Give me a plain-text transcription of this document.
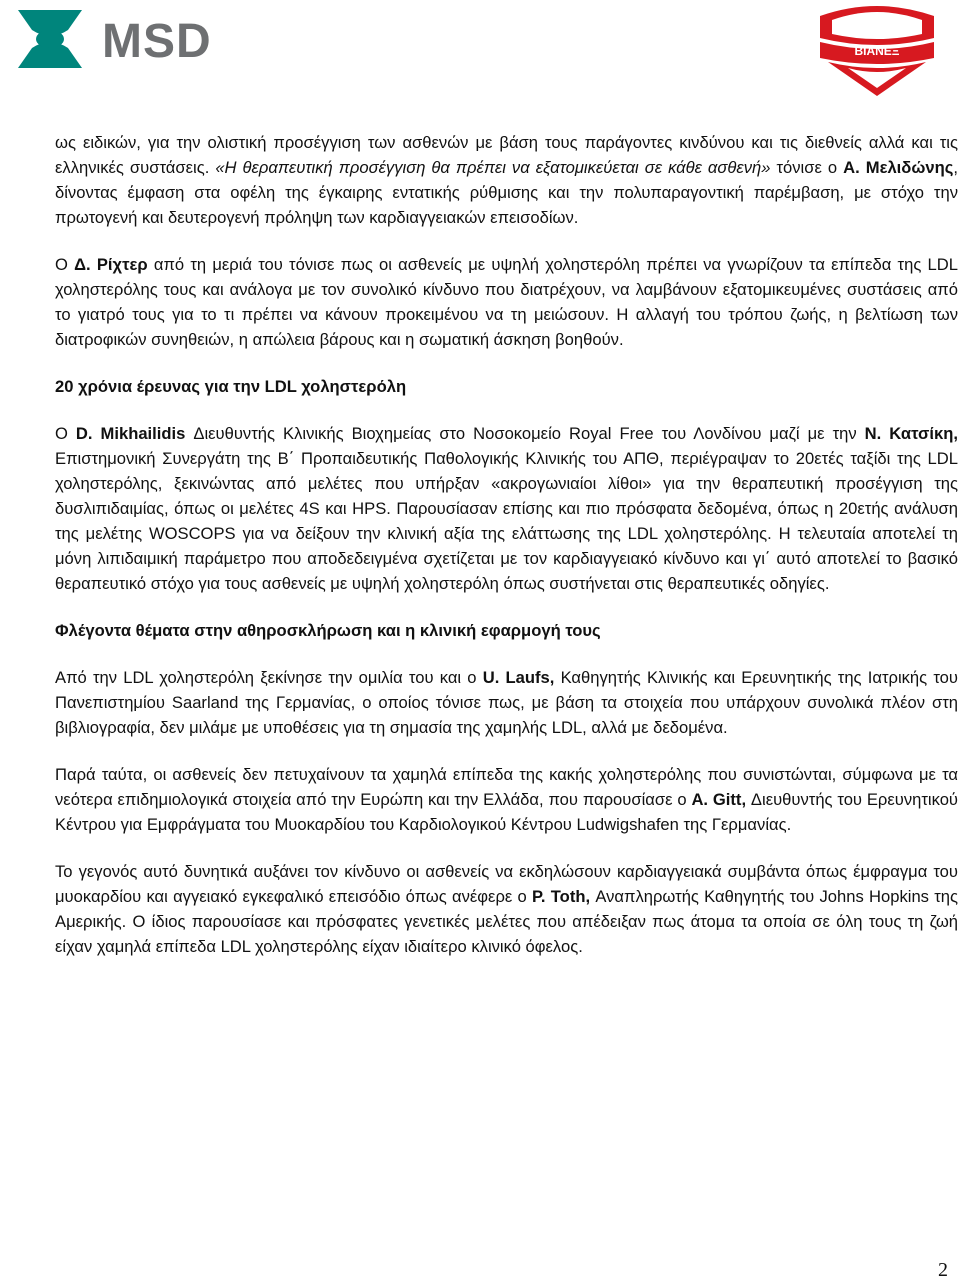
MSD	ΒΙΑΝΕΞ

ως ειδικών, για την ολιστική προσέγγιση των ασθενών με βάση τους παράγοντες κινδύνου και τις διεθνείς αλλά και τις ελληνικές συστάσεις. «Η θεραπευτική προσέγγιση θα πρέπει να εξατομικεύεται σε κάθε ασθενή» τόνισε ο Α. Μελιδώνης, δίνοντας έμφαση στα οφέλη της έγκαιρης εντατικής ρύθμισης και την πολυπαραγοντική παρέμβαση, με στόχο την πρωτογενή και δευτερογενή πρόληψη των καρδιαγγειακών επεισοδίων.

Ο Δ. Ρίχτερ από τη μεριά του τόνισε πως οι ασθενείς με υψηλή χοληστερόλη πρέπει να γνωρίζουν τα επίπεδα της LDL χοληστερόλης τους και ανάλογα με τον συνολικό κίνδυνο που διατρέχουν, να λαμβάνουν εξατομικευμένες συστάσεις από το γιατρό τους για το τι πρέπει να κάνουν προκειμένου να τη μειώσουν. Η αλλαγή του τρόπου ζωής, η βελτίωση των διατροφικών συνηθειών, η απώλεια βάρους και η σωματική άσκηση βοηθούν.

20 χρόνια έρευνας για την LDL χοληστερόλη

Ο D. Mikhailidis Διευθυντής Κλινικής Βιοχημείας στο Νοσοκομείο Royal Free του Λονδίνου μαζί με την Ν. Κατσίκη, Επιστημονική Συνεργάτη της Β΄ Προπαιδευτικής Παθολογικής Κλινικής του ΑΠΘ, περιέγραψαν το 20ετές ταξίδι της LDL χοληστερόλης, ξεκινώντας από μελέτες που υπήρξαν «ακρογωνιαίοι λίθοι» για την θεραπευτική προσέγγιση της δυσλιπιδαιμίας, όπως οι μελέτες 4S και HPS. Παρουσίασαν επίσης και πιο πρόσφατα δεδομένα, όπως η 20ετής ανάλυση της μελέτης WOSCOPS για να δείξουν την κλινική αξία της ελάττωσης της LDL χοληστερόλης. Η τελευταία αποτελεί τη μόνη λιπιδαιμική παράμετρο που αποδεδειγμένα σχετίζεται με τον καρδιαγγειακό κίνδυνο και γι΄ αυτό αποτελεί το βασικό θεραπευτικό στόχο για τους ασθενείς με υψηλή χοληστερόλη όπως συστήνεται στις θεραπευτικές οδηγίες.

Φλέγοντα θέματα στην αθηροσκλήρωση και η κλινική εφαρμογή τους

Από την LDL χοληστερόλη ξεκίνησε την ομιλία του και ο U. Laufs, Καθηγητής Κλινικής και Ερευνητικής της Ιατρικής του Πανεπιστημίου Saarland της Γερμανίας, ο οποίος τόνισε πως, με βάση τα στοιχεία που υπάρχουν συνολικά πλέον στη βιβλιογραφία, δεν μιλάμε με υποθέσεις για τη σημασία της χαμηλής LDL, αλλά με δεδομένα.

Παρά ταύτα, οι ασθενείς δεν πετυχαίνουν τα χαμηλά επίπεδα της κακής χοληστερόλης που συνιστώνται, σύμφωνα με τα νεότερα επιδημιολογικά στοιχεία από την Ευρώπη και την Ελλάδα, που παρουσίασε ο A. Gitt, Διευθυντής του Ερευνητικού Κέντρου για Εμφράγματα του Μυοκαρδίου του Καρδιολογικού Κέντρου Ludwigshafen της Γερμανίας.

Το γεγονός αυτό δυνητικά αυξάνει τον κίνδυνο οι ασθενείς να εκδηλώσουν καρδιαγγειακά συμβάντα όπως έμφραγμα του μυοκαρδίου και αγγειακό εγκεφαλικό επεισόδιο όπως ανέφερε ο P. Toth, Αναπληρωτής Καθηγητής του Johns Hopkins της Αμερικής. Ο ίδιος παρουσίασε και πρόσφατες γενετικές μελέτες που απέδειξαν πως άτομα τα οποία σε όλη τους τη ζωή είχαν χαμηλά επίπεδα LDL χοληστερόλης είχαν ιδιαίτερο κλινικό όφελος.

2
